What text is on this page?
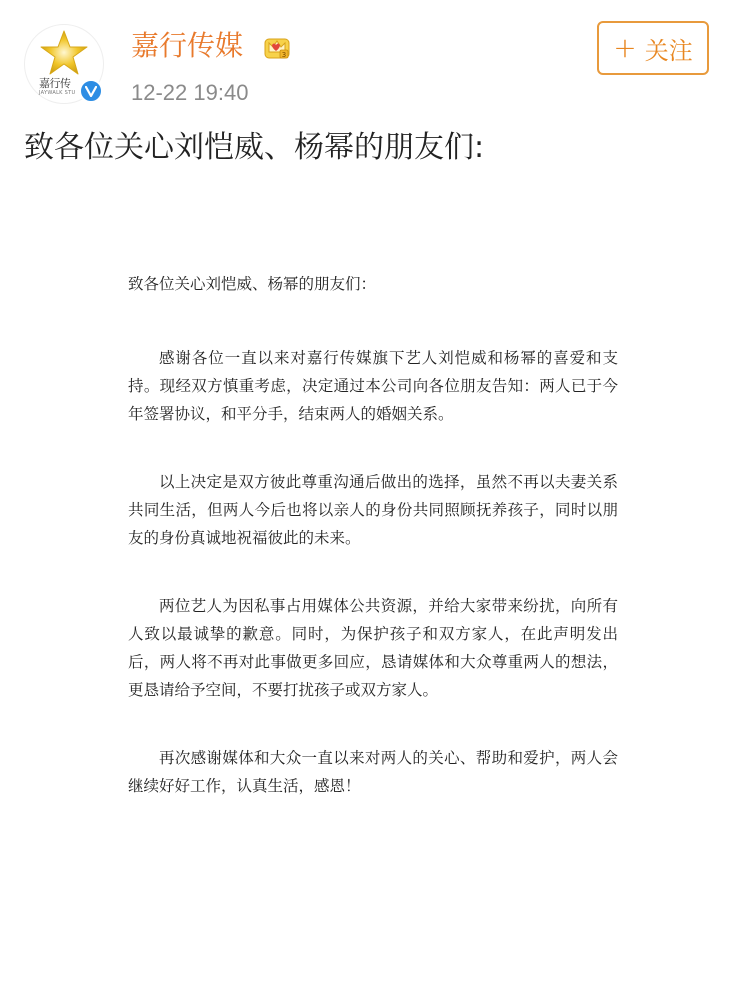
嘉行传
JAYWALK STU
嘉行传媒	3
12-22 19:40
+ 关注
致各位关心刘恺威、杨幂的朋友们:
致各位关心刘恺威、杨幂的朋友们：

感谢各位一直以来对嘉行传媒旗下艺人刘恺威和杨幂的喜爱和支持。现经双方慎重考虑，决定通过本公司向各位朋友告知：两人已于今年签署协议，和平分手，结束两人的婚姻关系。

以上决定是双方彼此尊重沟通后做出的选择，虽然不再以夫妻关系共同生活，但两人今后也将以亲人的身份共同照顾抚养孩子，同时以朋友的身份真诚地祝福彼此的未来。

两位艺人为因私事占用媒体公共资源，并给大家带来纷扰，向所有人致以最诚挚的歉意。同时，为保护孩子和双方家人，在此声明发出后，两人将不再对此事做更多回应，恳请媒体和大众尊重两人的想法，更恳请给予空间，不要打扰孩子或双方家人。

再次感谢媒体和大众一直以来对两人的关心、帮助和爱护，两人会继续好好工作，认真生活，感恩！
